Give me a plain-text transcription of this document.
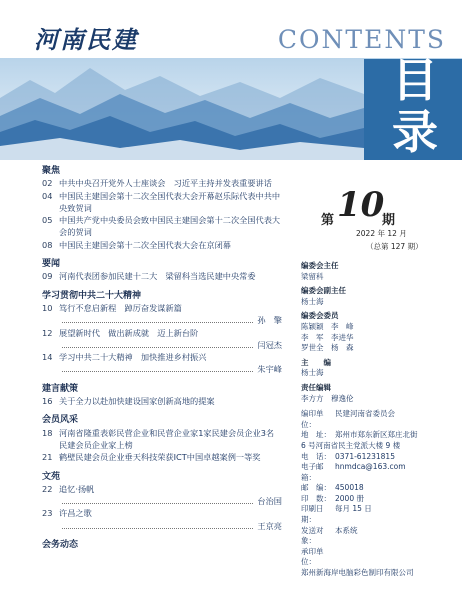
河南民建	CONTENTS
目
录
聚焦
02 中共中央召开党外人士座谈会　习近平主持并发表重要讲话
04 中国民主建国会第十二次全国代表大会开幕赵乐际代表中共中央致贺词
05 中国共产党中央委员会致中国民主建国会第十二次全国代表大会的贺词
08 中国民主建国会第十二次全国代表大会在京闭幕
要闻
09 河南代表团参加民建十二大　梁留科当选民建中央常委
学习贯彻中共二十大精神
10 笃行不怠启新程　踔厉奋发谋新篇
孙　擎
12 展望新时代　做出新成就　迈上新台阶
闫冠杰
14 学习中共二十大精神　加快推进乡村振兴
朱宇峰
建言献策
16 关于全力以赴加快建设国家创新高地的提案
会员风采
18 河南省隆重表彰民营企业和民营企业家1家民建会员企业3名民建会员企业家上榜
21 鹤壁民建会员企业垂天科技荣获ICT中国卓越案例一等奖
文苑
22 追忆·扬帆
台治国
23 许昌之歌
王京亮
会务动态
第 10
期
2022 年 12 月
（总第 127 期）
编委会主任
梁留科
编委会副主任
杨士海
编委会委员
陈颖颖　李　峰
李　军　李进华
罗世全　杨　森
主　　编
杨士海
责任编辑
李方方　穆逸伦
编印单位：
民建河南省委员会
地　址： 郑州市郑东新区郑庄北街
6 号河南省民主党派大楼 9 楼
电　话： 0371-61231815
电子邮箱：
hnmdca@163.com
邮　编： 450018
印　数： 2000 册
印刷日期：
每月 15 日
发送对象：
本系统
承印单位：
郑州新海岸电脑彩色制印有限公司
